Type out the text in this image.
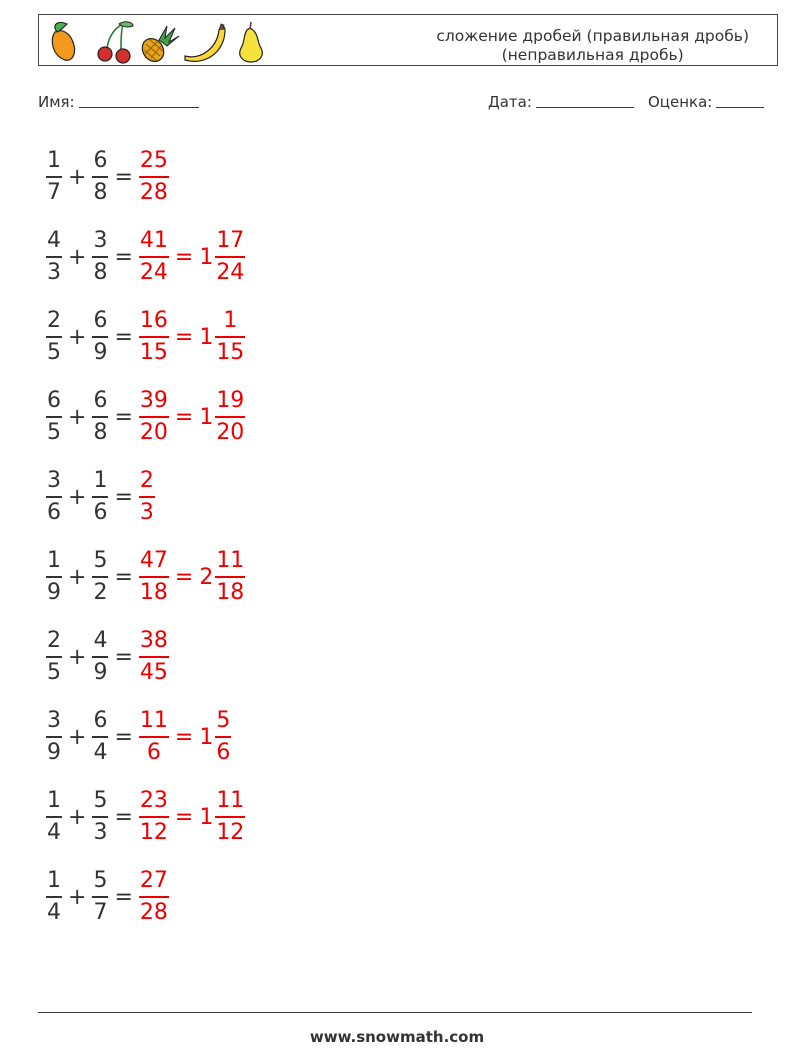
сложение дробей (правильная дробь)
(неправильная дробь)
Имя:	Дата:	Оценка:
$\frac{1}{7} + \frac{6}{8} = \frac{25}{28}$
$\frac{4}{3} + \frac{3}{8} = \frac{41}{24} = 1 \frac{17}{24}$
$\frac{2}{5} + \frac{6}{9} = \frac{16}{15} = 1 \frac{1}{15}$
$\frac{6}{5} + \frac{6}{8} = \frac{39}{20} = 1 \frac{19}{20}$
$\frac{3}{6} + \frac{1}{6} = \frac{2}{3}$
$\frac{1}{9} + \frac{5}{2} = \frac{47}{18} = 2 \frac{11}{18}$
$\frac{2}{5} + \frac{4}{9} = \frac{38}{45}$
$\frac{3}{9} + \frac{6}{4} = \frac{11}{6} = 1 \frac{5}{6}$
$\frac{1}{4} + \frac{5}{3} = \frac{23}{12} = 1 \frac{11}{12}$
$\frac{1}{4} + \frac{5}{7} = \frac{27}{28}$
www.snowmath.com
